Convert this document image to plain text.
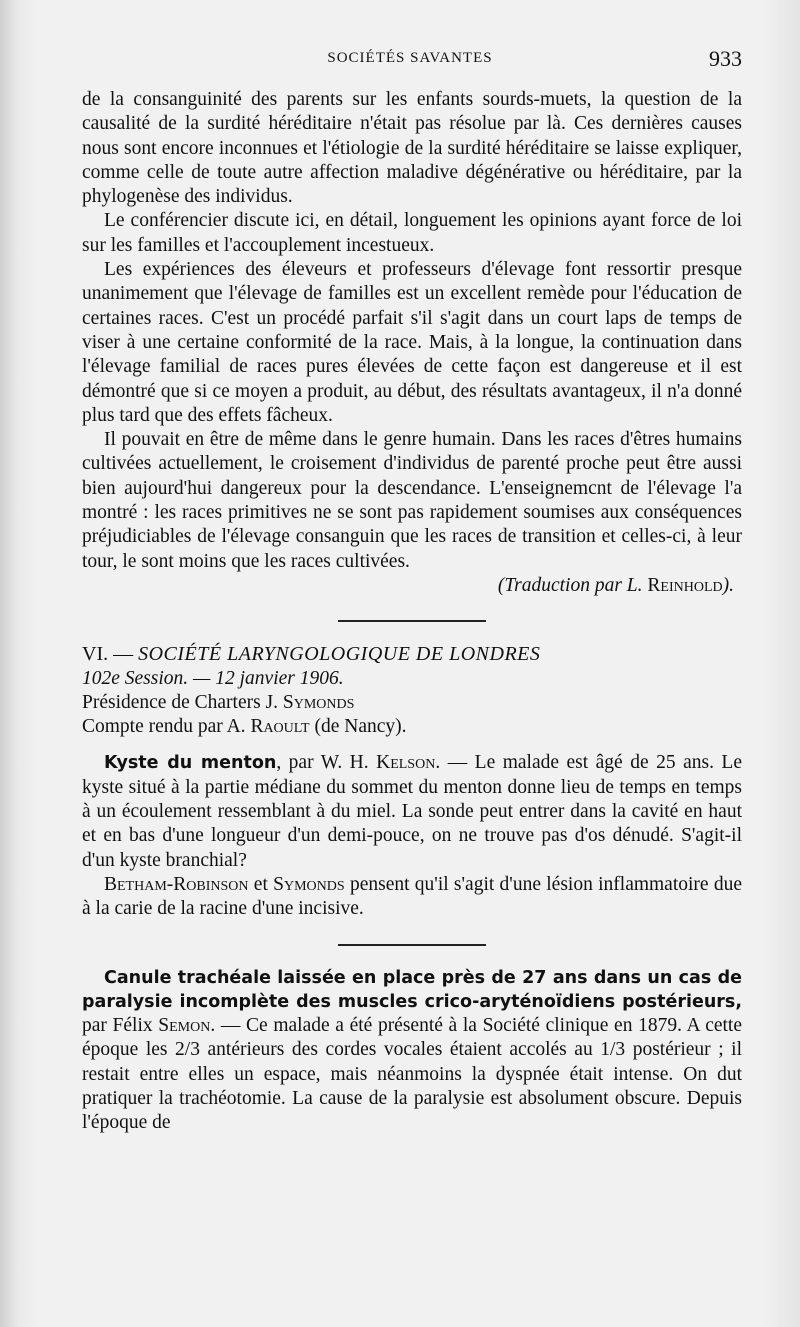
SOCIÉTÉS SAVANTES	933

de la consanguinité des parents sur les enfants sourds-muets, la question de la causalité de la surdité héréditaire n'était pas résolue par là. Ces dernières causes nous sont encore inconnues et l'étiologie de la surdité héréditaire se laisse expliquer, comme celle de toute autre affection maladive dégénérative ou héréditaire, par la phylogenèse des individus.

Le conférencier discute ici, en détail, longuement les opinions ayant force de loi sur les familles et l'accouplement incestueux.

Les expériences des éleveurs et professeurs d'élevage font ressortir presque unanimement que l'élevage de familles est un excellent remède pour l'éducation de certaines races. C'est un procédé parfait s'il s'agit dans un court laps de temps de viser à une certaine conformité de la race. Mais, à la longue, la continuation dans l'élevage familial de races pures élevées de cette façon est dangereuse et il est démontré que si ce moyen a produit, au début, des résultats avantageux, il n'a donné plus tard que des effets fâcheux.

Il pouvait en être de même dans le genre humain. Dans les races d'êtres humains cultivées actuellement, le croisement d'individus de parenté proche peut être aussi bien aujourd'hui dangereux pour la descendance. L'enseignemcnt de l'élevage l'a montré : les races primitives ne se sont pas rapidement soumises aux conséquences préjudiciables de l'élevage consanguin que les races de transition et celles-ci, à leur tour, le sont moins que les races cultivées.

(Traduction par L. Reinhold).

VI. — SOCIÉTÉ LARYNGOLOGIQUE DE LONDRES

102e Session. — 12 janvier 1906.

Présidence de Charters J. Symonds

Compte rendu par A. Raoult (de Nancy).

Kyste du menton, par W. H. Kelson. — Le malade est âgé de 25 ans. Le kyste situé à la partie médiane du sommet du menton donne lieu de temps en temps à un écoulement ressemblant à du miel. La sonde peut entrer dans la cavité en haut et en bas d'une longueur d'un demi-pouce, on ne trouve pas d'os dénudé. S'agit-il d'un kyste branchial?

Betham-Robinson et Symonds pensent qu'il s'agit d'une lésion inflammatoire due à la carie de la racine d'une incisive.

Canule trachéale laissée en place près de 27 ans dans un cas de paralysie incomplète des muscles crico-aryténoïdiens postérieurs, par Félix Semon. — Ce malade a été présenté à la Société clinique en 1879. A cette époque les 2/3 antérieurs des cordes vocales étaient accolés au 1/3 postérieur ; il restait entre elles un espace, mais néanmoins la dyspnée était intense. On dut pratiquer la trachéotomie. La cause de la paralysie est absolument obscure. Depuis l'époque de
